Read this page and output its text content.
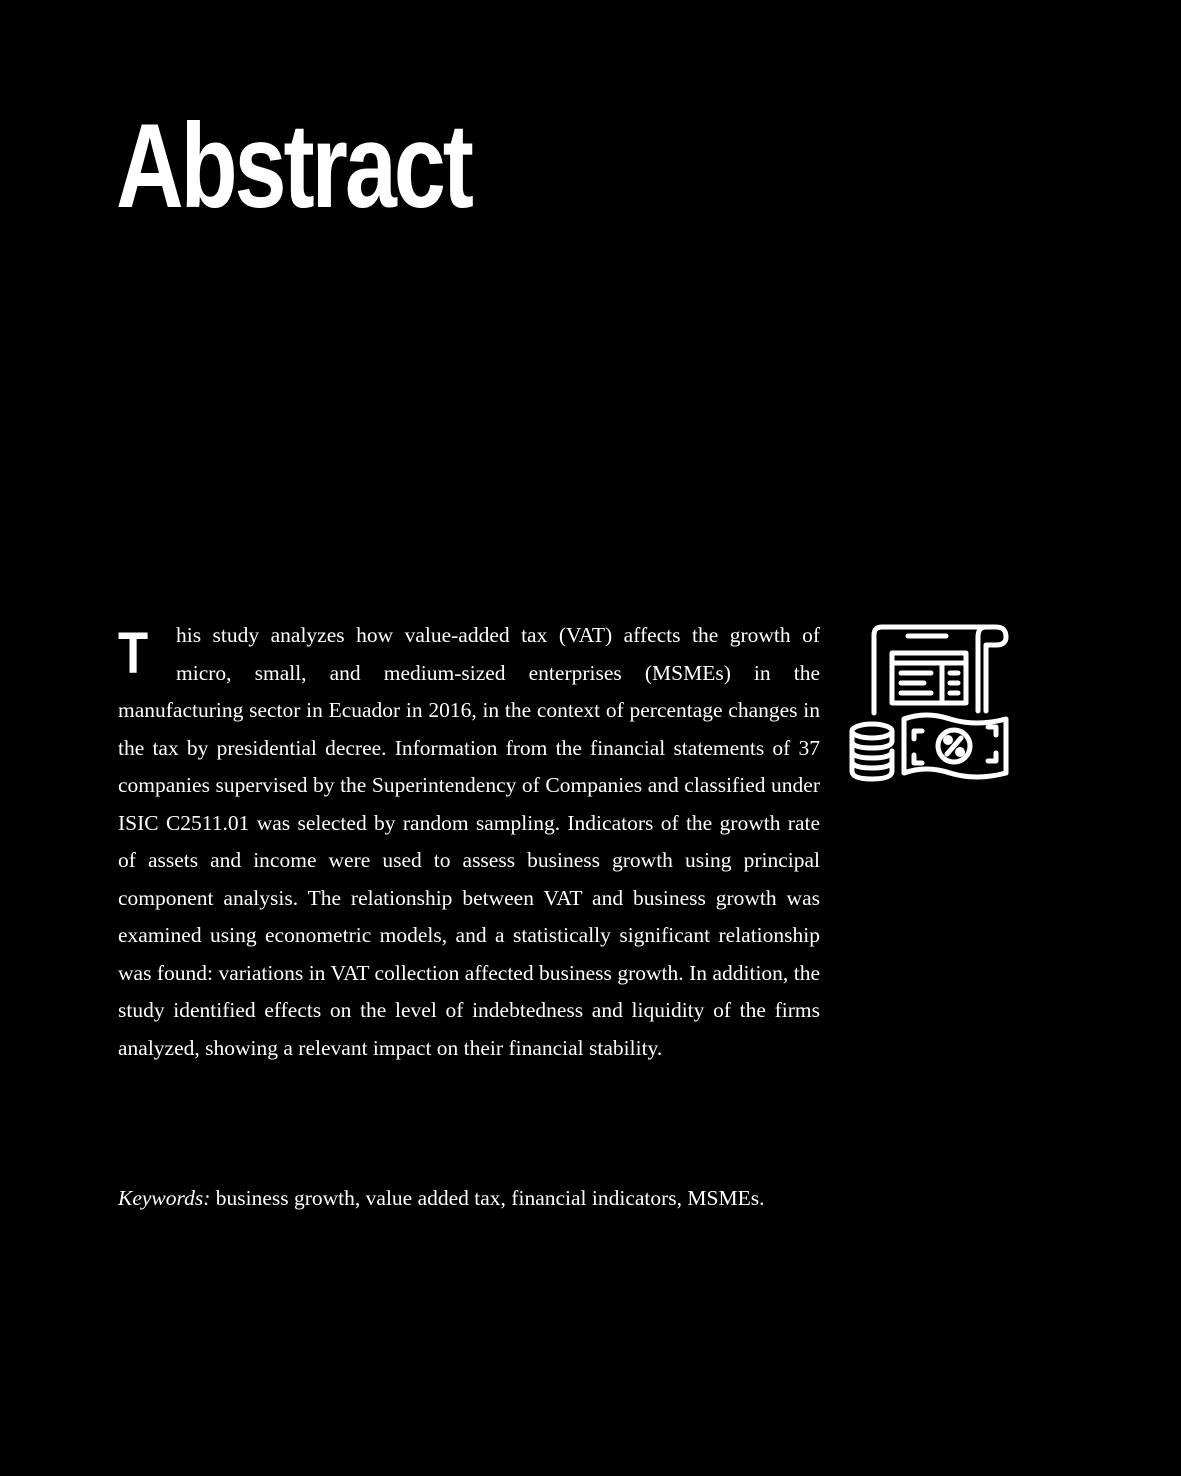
Abstract

T his study analyzes how value-added tax (VAT) affects the growth of micro, small, and medium-sized enterprises (MSMEs) in the manufacturing sector in Ecuador in 2016, in the context of percentage changes in the tax by presidential decree. Information from the financial statements of 37 companies supervised by the Superintendency of Companies and classified under ISIC C2511.01 was selected by random sampling. Indicators of the growth rate of assets and income were used to assess business growth using principal component analysis. The relationship between VAT and business growth was examined using econometric models, and a statistically significant relationship was found: variations in VAT collection affected business growth. In addition, the study identified effects on the level of indebtedness and liquidity of the firms analyzed, showing a relevant impact on their financial stability.

Keywords: business growth, value added tax, financial indicators, MSMEs.
